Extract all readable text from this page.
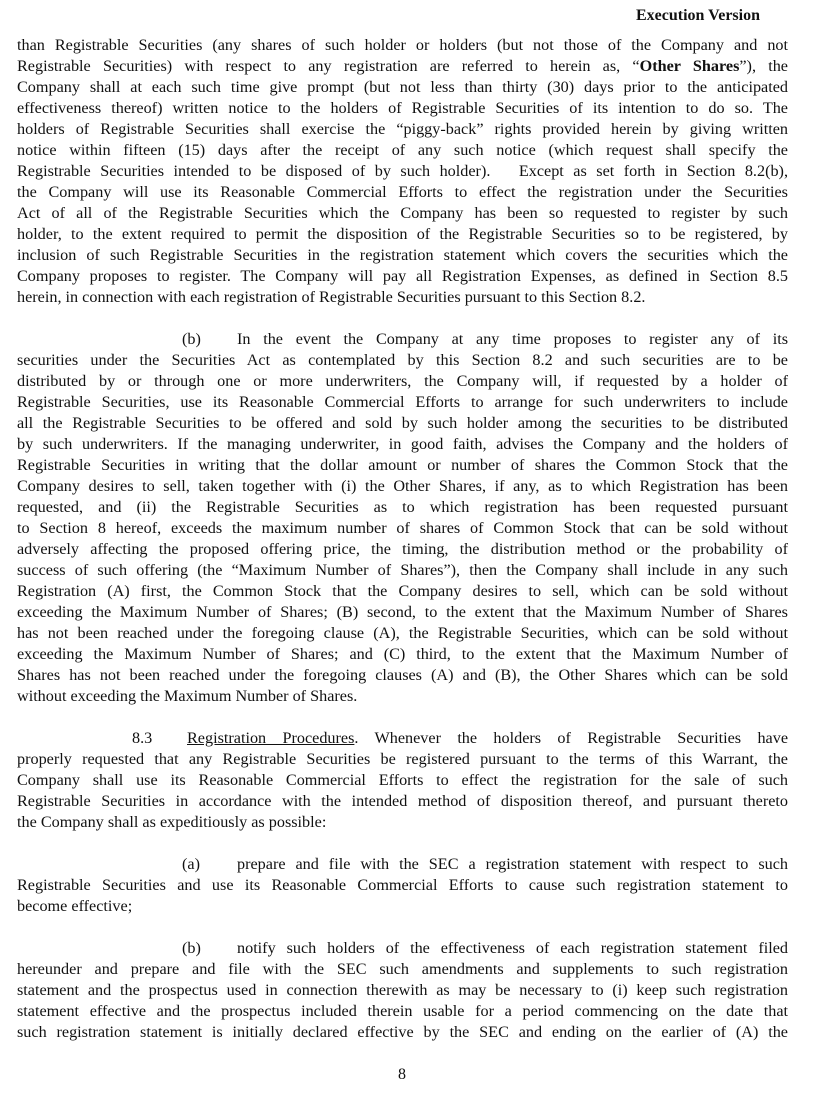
Execution Version
than Registrable Securities (any shares of such holder or holders (but not those of the Company and not
Registrable Securities) with respect to any registration are referred to herein as, “Other Shares”), the
Company shall at each such time give prompt (but not less than thirty (30) days prior to the anticipated
effectiveness thereof) written notice to the holders of Registrable Securities of its intention to do so. The
holders of Registrable Securities shall exercise the “piggy-back” rights provided herein by giving written
notice within fifteen (15) days after the receipt of any such notice (which request shall specify the
Registrable Securities intended to be disposed of by such holder).   Except as set forth in Section 8.2(b),
the Company will use its Reasonable Commercial Efforts to effect the registration under the Securities
Act of all of the Registrable Securities which the Company has been so requested to register by such
holder, to the extent required to permit the disposition of the Registrable Securities so to be registered, by
inclusion of such Registrable Securities in the registration statement which covers the securities which the
Company proposes to register. The Company will pay all Registration Expenses, as defined in Section 8.5
herein, in connection with each registration of Registrable Securities pursuant to this Section 8.2.
(b) In the event the Company at any time proposes to register any of its
securities under the Securities Act as contemplated by this Section 8.2 and such securities are to be
distributed by or through one or more underwriters, the Company will, if requested by a holder of
Registrable Securities, use its Reasonable Commercial Efforts to arrange for such underwriters to include
all the Registrable Securities to be offered and sold by such holder among the securities to be distributed
by such underwriters. If the managing underwriter, in good faith, advises the Company and the holders of
Registrable Securities in writing that the dollar amount or number of shares the Common Stock that the
Company desires to sell, taken together with (i) the Other Shares, if any, as to which Registration has been
requested, and (ii) the Registrable Securities as to which registration has been requested pursuant
to Section 8 hereof, exceeds the maximum number of shares of Common Stock that can be sold without
adversely affecting the proposed offering price, the timing, the distribution method or the probability of
success of such offering (the “Maximum Number of Shares”), then the Company shall include in any such
Registration (A) first, the Common Stock that the Company desires to sell, which can be sold without
exceeding the Maximum Number of Shares; (B) second, to the extent that the Maximum Number of Shares
has not been reached under the foregoing clause (A), the Registrable Securities, which can be sold without
exceeding the Maximum Number of Shares; and (C) third, to the extent that the Maximum Number of
Shares has not been reached under the foregoing clauses (A) and (B), the Other Shares which can be sold
without exceeding the Maximum Number of Shares.
8.3 Registration Procedures. Whenever the holders of Registrable Securities have
properly requested that any Registrable Securities be registered pursuant to the terms of this Warrant, the
Company shall use its Reasonable Commercial Efforts to effect the registration for the sale of such
Registrable Securities in accordance with the intended method of disposition thereof, and pursuant thereto
the Company shall as expeditiously as possible:
(a) prepare and file with the SEC a registration statement with respect to such
Registrable Securities and use its Reasonable Commercial Efforts to cause such registration statement to
become effective;
(b) notify such holders of the effectiveness of each registration statement filed
hereunder and prepare and file with the SEC such amendments and supplements to such registration
statement and the prospectus used in connection therewith as may be necessary to (i) keep such registration
statement effective and the prospectus included therein usable for a period commencing on the date that
such registration statement is initially declared effective by the SEC and ending on the earlier of (A) the
8
